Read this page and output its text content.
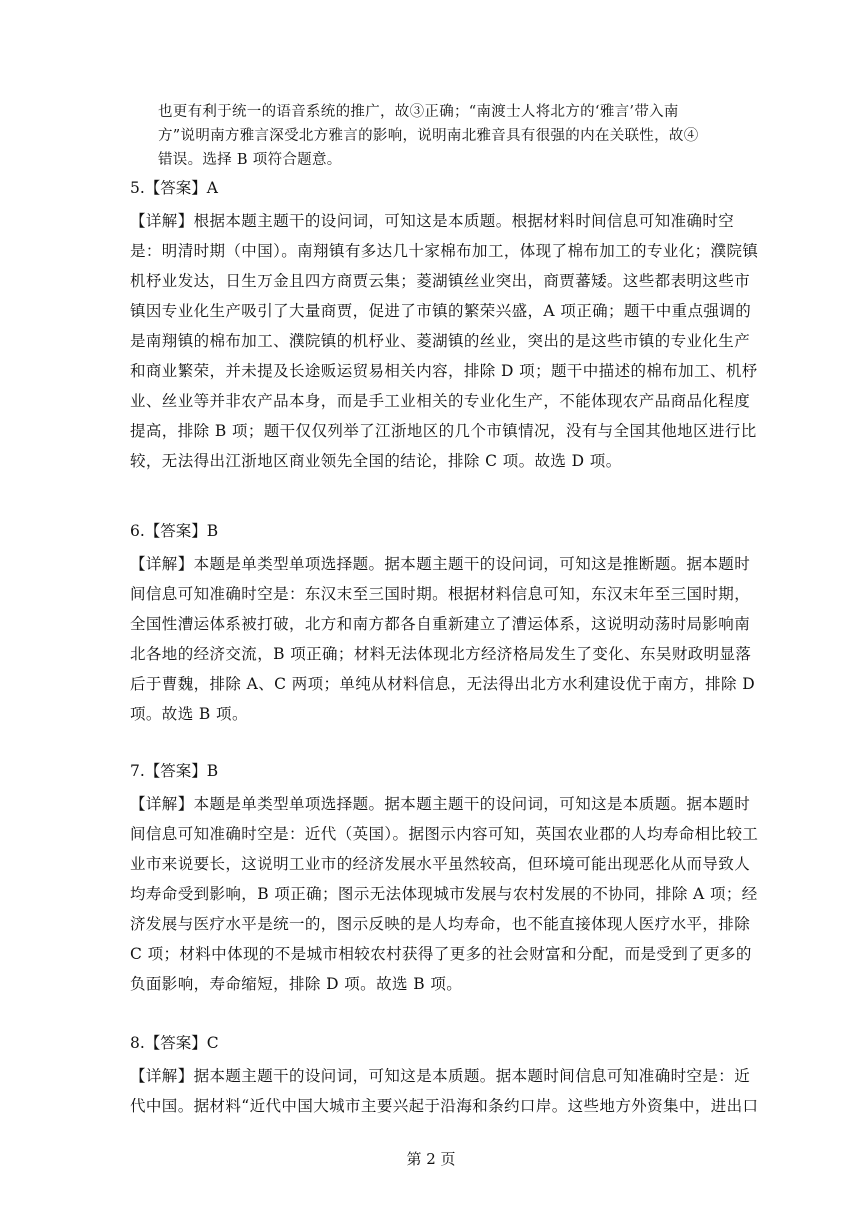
也更有利于统一的语音系统的推广，故③正确；“南渡士人将北方的‘雅言’带入南

方”说明南方雅言深受北方雅言的影响，说明南北雅音具有很强的内在关联性，故④

错误。选择 B 项符合题意。

5.【答案】A

【详解】根据本题主题干的设问词，可知这是本质题。根据材料时间信息可知准确时空
是：明清时期（中国）。南翔镇有多达几十家棉布加工，体现了棉布加工的专业化；濮院镇
机杼业发达，日生万金且四方商贾云集；菱湖镇丝业突出，商贾蕃矮。这些都表明这些市
镇因专业化生产吸引了大量商贾，促进了市镇的繁荣兴盛，A 项正确；题干中重点强调的
是南翔镇的棉布加工、濮院镇的机杼业、菱湖镇的丝业，突出的是这些市镇的专业化生产
和商业繁荣，并未提及长途贩运贸易相关内容，排除 D 项；题干中描述的棉布加工、机杼
业、丝业等并非农产品本身，而是手工业相关的专业化生产，不能体现农产品商品化程度
提高，排除 B 项；题干仅仅列举了江浙地区的几个市镇情况，没有与全国其他地区进行比
较，无法得出江浙地区商业领先全国的结论，排除 C 项。故选 D 项。

6.【答案】B

【详解】本题是单类型单项选择题。据本题主题干的设问词，可知这是推断题。据本题时
间信息可知准确时空是：东汉末至三国时期。根据材料信息可知，东汉末年至三国时期，
全国性漕运体系被打破，北方和南方都各自重新建立了漕运体系，这说明动荡时局影响南
北各地的经济交流，B 项正确；材料无法体现北方经济格局发生了变化、东吴财政明显落
后于曹魏，排除 A、C 两项；单纯从材料信息，无法得出北方水利建设优于南方，排除 D
项。故选 B 项。

7.【答案】B

【详解】本题是单类型单项选择题。据本题主题干的设问词，可知这是本质题。据本题时
间信息可知准确时空是：近代（英国）。据图示内容可知，英国农业郡的人均寿命相比较工
业市来说要长，这说明工业市的经济发展水平虽然较高，但环境可能出现恶化从而导致人
均寿命受到影响，B 项正确；图示无法体现城市发展与农村发展的不协同，排除 A 项；经
济发展与医疗水平是统一的，图示反映的是人均寿命，也不能直接体现人医疗水平，排除
C 项；材料中体现的不是城市相较农村获得了更多的社会财富和分配，而是受到了更多的
负面影响，寿命缩短，排除 D 项。故选 B 项。

8.【答案】C

【详解】据本题主题干的设问词，可知这是本质题。据本题时间信息可知准确时空是：近
代中国。据材料“近代中国大城市主要兴起于沿海和条约口岸。这些地方外资集中，进出口
第 2 页
